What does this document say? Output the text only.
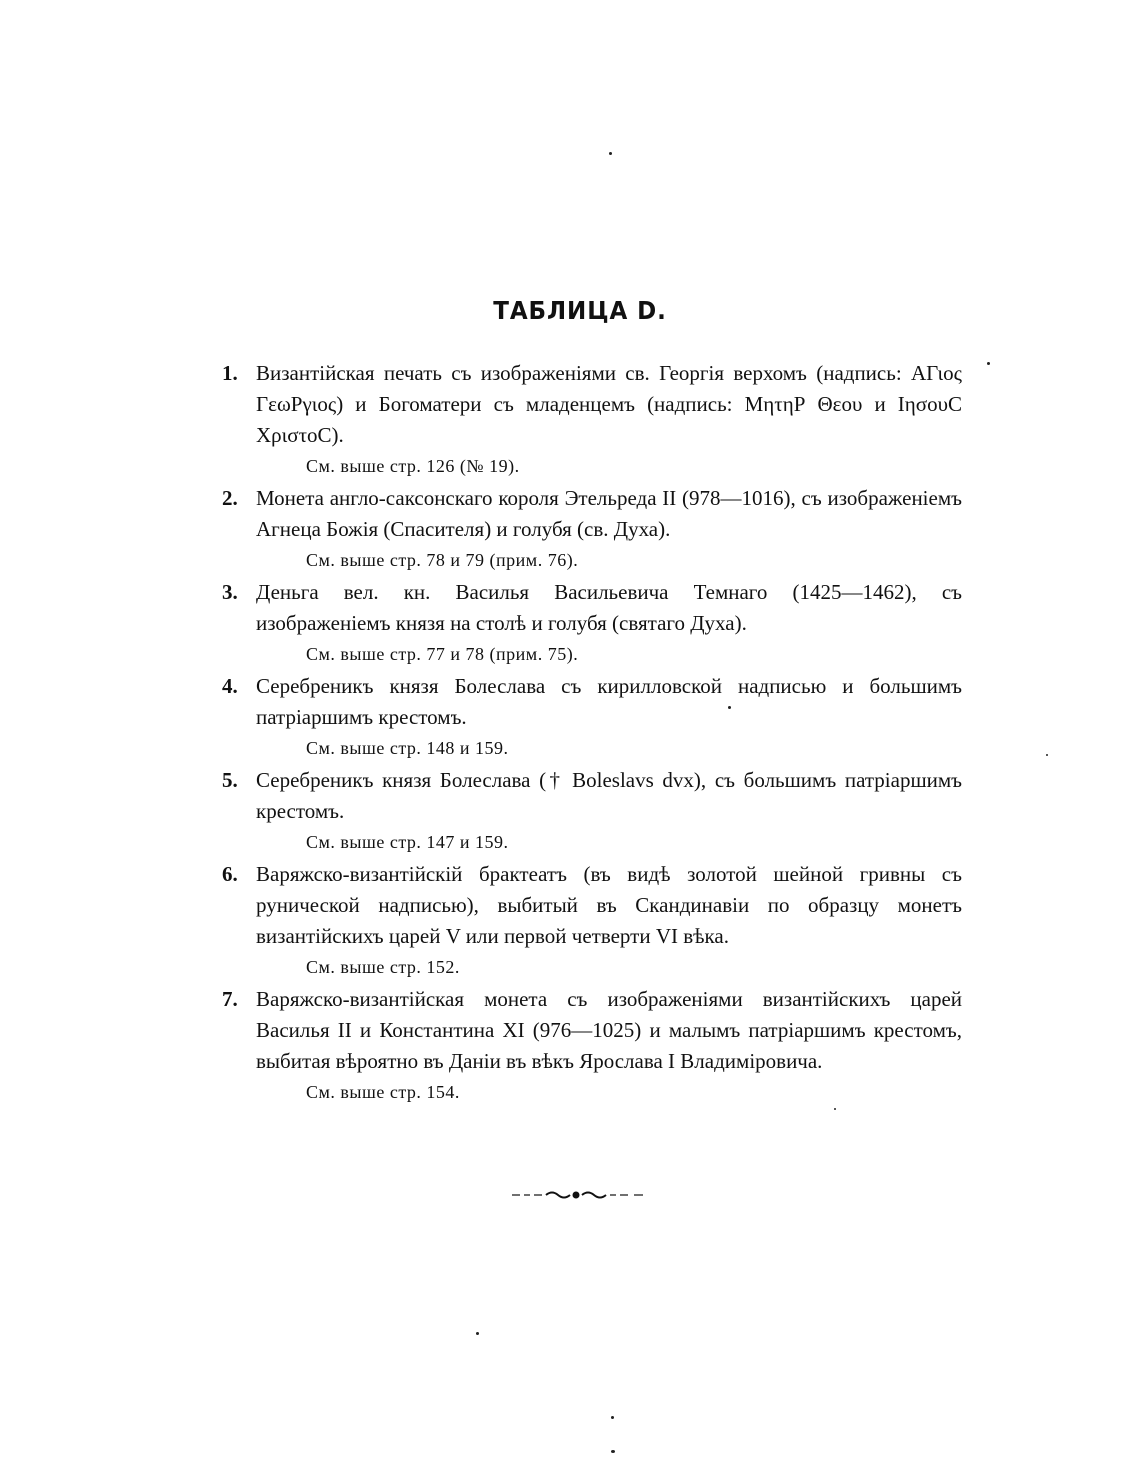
ТАБЛИЦА D.
1. Византійская печать съ изображеніями св. Георгія верхомъ (надпись: ΑΓιος ΓεωΡγιος) и Богоматери съ младенцемъ (надпись: ΜητηΡ Θεου и ΙησουC ΧριστοC).
См. выше стр. 126 (№ 19).
2. Монета англо-саксонскаго короля Этельреда II (978—1016), съ изображеніемъ Агнеца Божія (Спасителя) и голубя (св. Духа).
См. выше стр. 78 и 79 (прим. 76).
3. Деньга вел. кн. Василья Васильевича Темнаго (1425—1462), съ изображеніемъ князя на столѣ и голубя (святаго Духа).
См. выше стр. 77 и 78 (прим. 75).
4. Серебреникъ князя Болеслава съ кирилловской надписью и большимъ патріаршимъ крестомъ.
См. выше стр. 148 и 159.
5. Серебреникъ князя Болеслава († Boleslavs dvx), съ большимъ патріаршимъ крестомъ.
См. выше стр. 147 и 159.
6. Варяжско-византійскій брактеатъ (въ видѣ золотой шейной гривны съ рунической надписью), выбитый въ Скандинавіи по образцу монетъ византійскихъ царей V или первой четверти VI вѣка.
См. выше стр. 152.
7. Варяжско-византійская монета съ изображеніями византійскихъ царей Василья II и Константина XI (976—1025) и малымъ патріаршимъ крестомъ, выбитая вѣроятно въ Даніи въ вѣкъ Ярослава I Владиміровича.
См. выше стр. 154.
